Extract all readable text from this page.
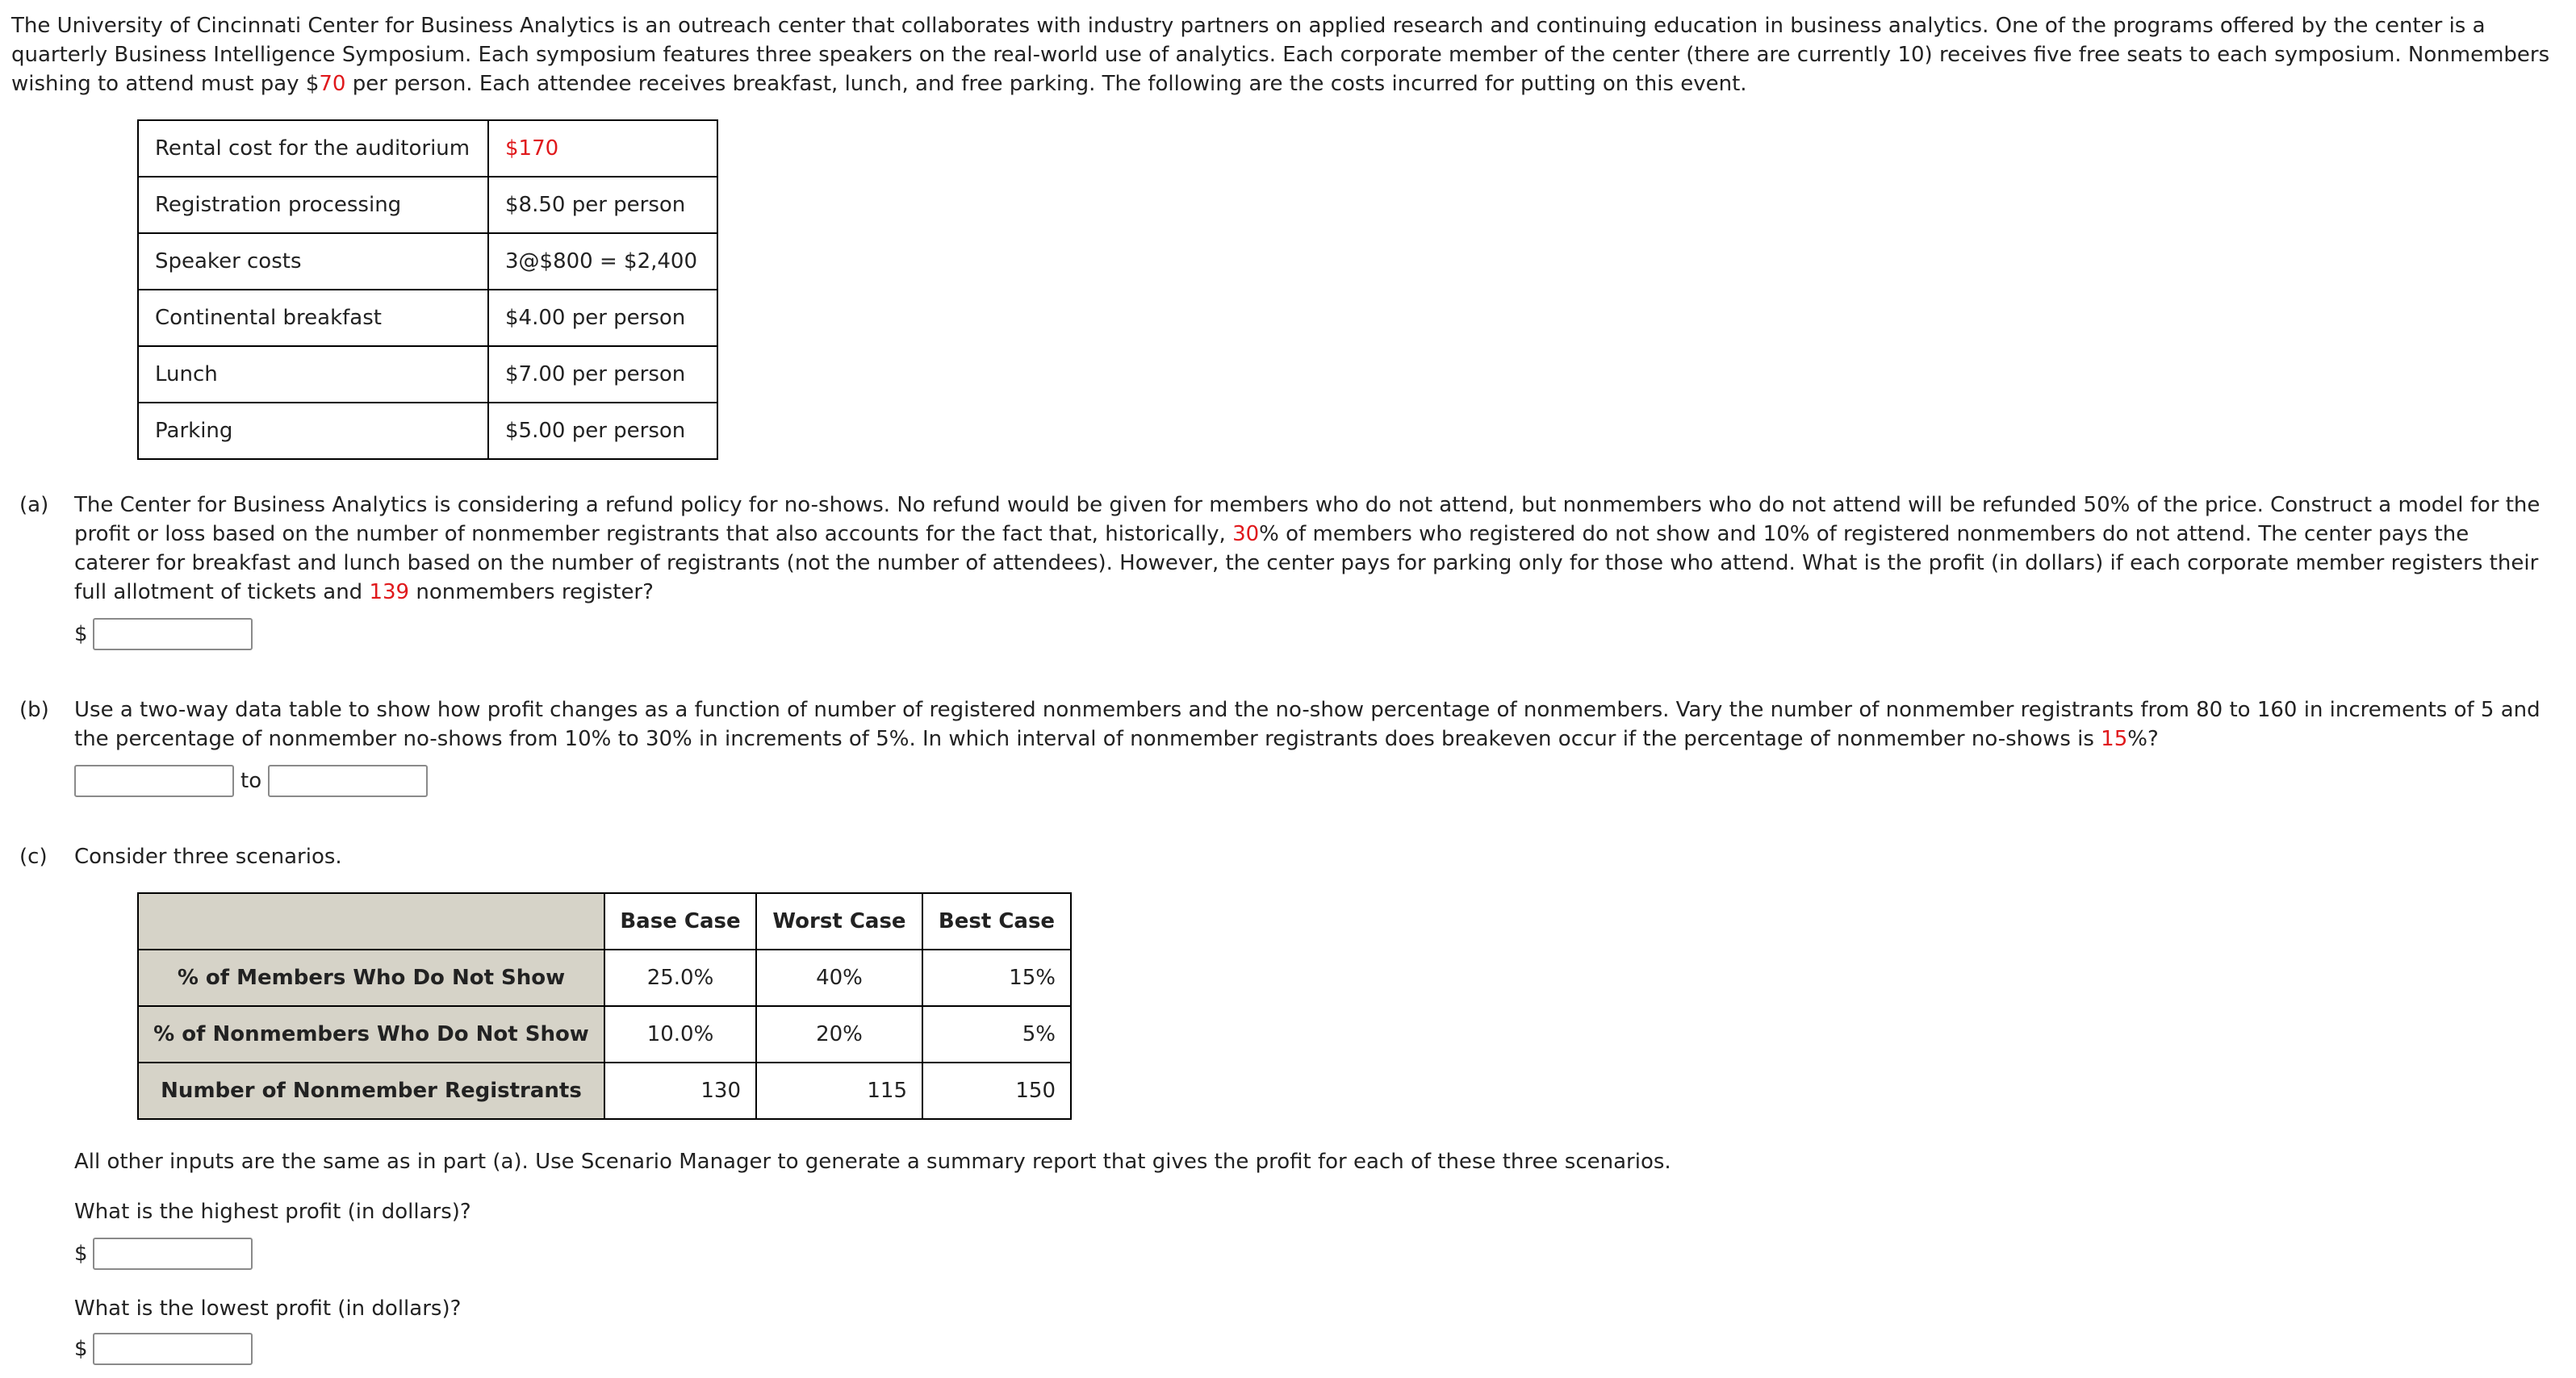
The University of Cincinnati Center for Business Analytics is an outreach center that collaborates with industry partners on applied research and continuing education in business analytics. One of the programs offered by the center is a quarterly Business Intelligence Symposium. Each symposium features three speakers on the real-world use of analytics. Each corporate member of the center (there are currently 10) receives five free seats to each symposium. Nonmembers wishing to attend must pay $70 per person. Each attendee receives breakfast, lunch, and free parking. The following are the costs incurred for putting on this event.
Rental cost for the auditorium	$170
Registration processing	$8.50 per person
Speaker costs	3@$800 = $2,400
Continental breakfast	$4.00 per person
Lunch	$7.00 per person
Parking	$5.00 per person
(a) The Center for Business Analytics is considering a refund policy for no-shows. No refund would be given for members who do not attend, but nonmembers who do not attend will be refunded 50% of the price. Construct a model for the profit or loss based on the number of nonmember registrants that also accounts for the fact that, historically, 30% of members who registered do not show and 10% of registered nonmembers do not attend. The center pays the caterer for breakfast and lunch based on the number of registrants (not the number of attendees). However, the center pays for parking only for those who attend. What is the profit (in dollars) if each corporate member registers their full allotment of tickets and 139 nonmembers register?
$
(b) Use a two-way data table to show how profit changes as a function of number of registered nonmembers and the no-show percentage of nonmembers. Vary the number of nonmember registrants from 80 to 160 in increments of 5 and the percentage of nonmember no-shows from 10% to 30% in increments of 5%. In which interval of nonmember registrants does breakeven occur if the percentage of nonmember no-shows is 15%?
to
(c) Consider three scenarios.
	Base Case	Worst Case	Best Case
% of Members Who Do Not Show	25.0%	40%	15%
% of Nonmembers Who Do Not Show	10.0%	20%	5%
Number of Nonmember Registrants	130	115	150
All other inputs are the same as in part (a). Use Scenario Manager to generate a summary report that gives the profit for each of these three scenarios.
What is the highest profit (in dollars)?
$
What is the lowest profit (in dollars)?
$
